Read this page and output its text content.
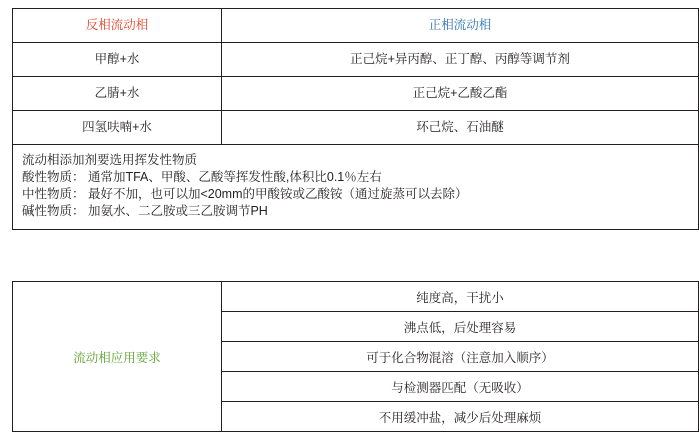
反相流动相	正相流动相
甲醇+水	正己烷+异丙醇、正丁醇、丙醇等调节剂
乙腈+水	正己烷+乙酸乙酯
四氢呋喃+水	环己烷、石油醚

流动相添加剂要选用挥发性物质
酸性物质： 通常加TFA、甲酸、乙酸等挥发性酸,体积比0.1％左右
中性物质： 最好不加，也可以加<20mm的甲酸铵或乙酸铵（通过旋蒸可以去除）
碱性物质： 加氨水、二乙胺或三乙胺调节PH	
流动相应用要求	纯度高，干扰小
沸点低，后处理容易
可于化合物混溶（注意加入顺序）
与检测器匹配（无吸收）
不用缓冲盐，减少后处理麻烦
